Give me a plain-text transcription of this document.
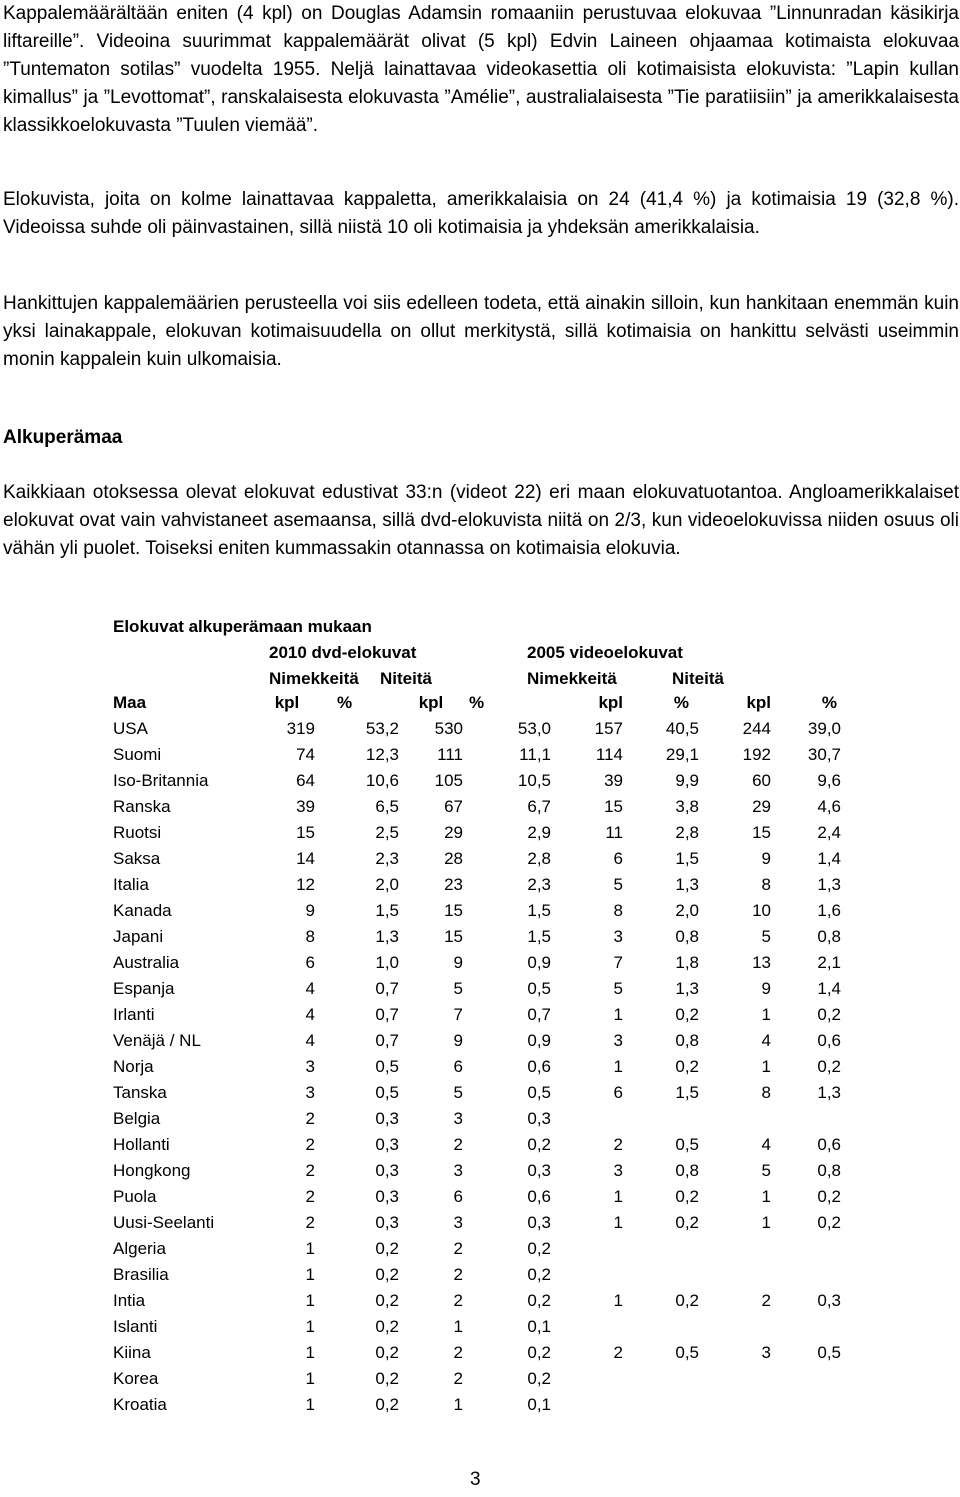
Kappalemäärältään eniten (4 kpl) on Douglas Adamsin romaaniin perustuvaa elokuvaa ”Linnunradan käsikirja liftareille”. Videoina suurimmat kappalemäärät olivat (5 kpl) Edvin Laineen ohjaamaa kotimaista elokuvaa ”Tuntematon sotilas” vuodelta 1955. Neljä lainattavaa videokasettia oli kotimaisista elokuvista: ”Lapin kullan kimallus” ja ”Levottomat”, ranskalaisesta elokuvasta ”Amélie”, australialaisesta ”Tie paratiisiin” ja amerikkalaisesta klassikkoelokuvasta ”Tuulen viemää”.

Elokuvista, joita on kolme lainattavaa kappaletta, amerikkalaisia on 24 (41,4 %) ja kotimaisia 19 (32,8 %). Videoissa suhde oli päinvastainen, sillä niistä 10 oli kotimaisia ja yhdeksän amerikkalaisia.

Hankittujen kappalemäärien perusteella voi siis edelleen todeta, että ainakin silloin, kun hankitaan enemmän kuin yksi lainakappale, elokuvan kotimaisuudella on ollut merkitystä, sillä kotimaisia on hankittu selvästi useimmin monin kappalein kuin ulkomaisia.

Alkuperämaa

Kaikkiaan otoksessa olevat elokuvat edustivat 33:n (videot 22) eri maan elokuvatuotantoa. Angloamerikkalaiset elokuvat ovat vain vahvistaneet asemaansa, sillä dvd-elokuvista niitä on 2/3, kun videoelokuvissa niiden osuus oli vähän yli puolet. Toiseksi eniten kummassakin otannassa on kotimaisia elokuvia.

Elokuvat alkuperämaan mukaan
2010 dvd-elokuvat	2005 videoelokuvat
Nimekkeitä Niteitä	Nimekkeitä	Niteitä
Maa	kpl	%	kpl	%	kpl	%	kpl	%
USA	319	53,2	530	53,0	157	40,5	244	39,0
Suomi	74	12,3	111	11,1	114	29,1	192	30,7
Iso-Britannia	64	10,6	105	10,5	39	9,9	60	9,6
Ranska	39	6,5	67	6,7	15	3,8	29	4,6
Ruotsi	15	2,5	29	2,9	11	2,8	15	2,4
Saksa	14	2,3	28	2,8	6	1,5	9	1,4
Italia	12	2,0	23	2,3	5	1,3	8	1,3
Kanada	9	1,5	15	1,5	8	2,0	10	1,6
Japani	8	1,3	15	1,5	3	0,8	5	0,8
Australia	6	1,0	9	0,9	7	1,8	13	2,1
Espanja	4	0,7	5	0,5	5	1,3	9	1,4
Irlanti	4	0,7	7	0,7	1	0,2	1	0,2
Venäjä / NL	4	0,7	9	0,9	3	0,8	4	0,6
Norja	3	0,5	6	0,6	1	0,2	1	0,2
Tanska	3	0,5	5	0,5	6	1,5	8	1,3
Belgia	2	0,3	3	0,3				
Hollanti	2	0,3	2	0,2	2	0,5	4	0,6
Hongkong	2	0,3	3	0,3	3	0,8	5	0,8
Puola	2	0,3	6	0,6	1	0,2	1	0,2
Uusi-Seelanti	2	0,3	3	0,3	1	0,2	1	0,2
Algeria	1	0,2	2	0,2				
Brasilia	1	0,2	2	0,2				
Intia	1	0,2	2	0,2	1	0,2	2	0,3
Islanti	1	0,2	1	0,1				
Kiina	1	0,2	2	0,2	2	0,5	3	0,5
Korea	1	0,2	2	0,2				
Kroatia	1	0,2	1	0,1				
3
